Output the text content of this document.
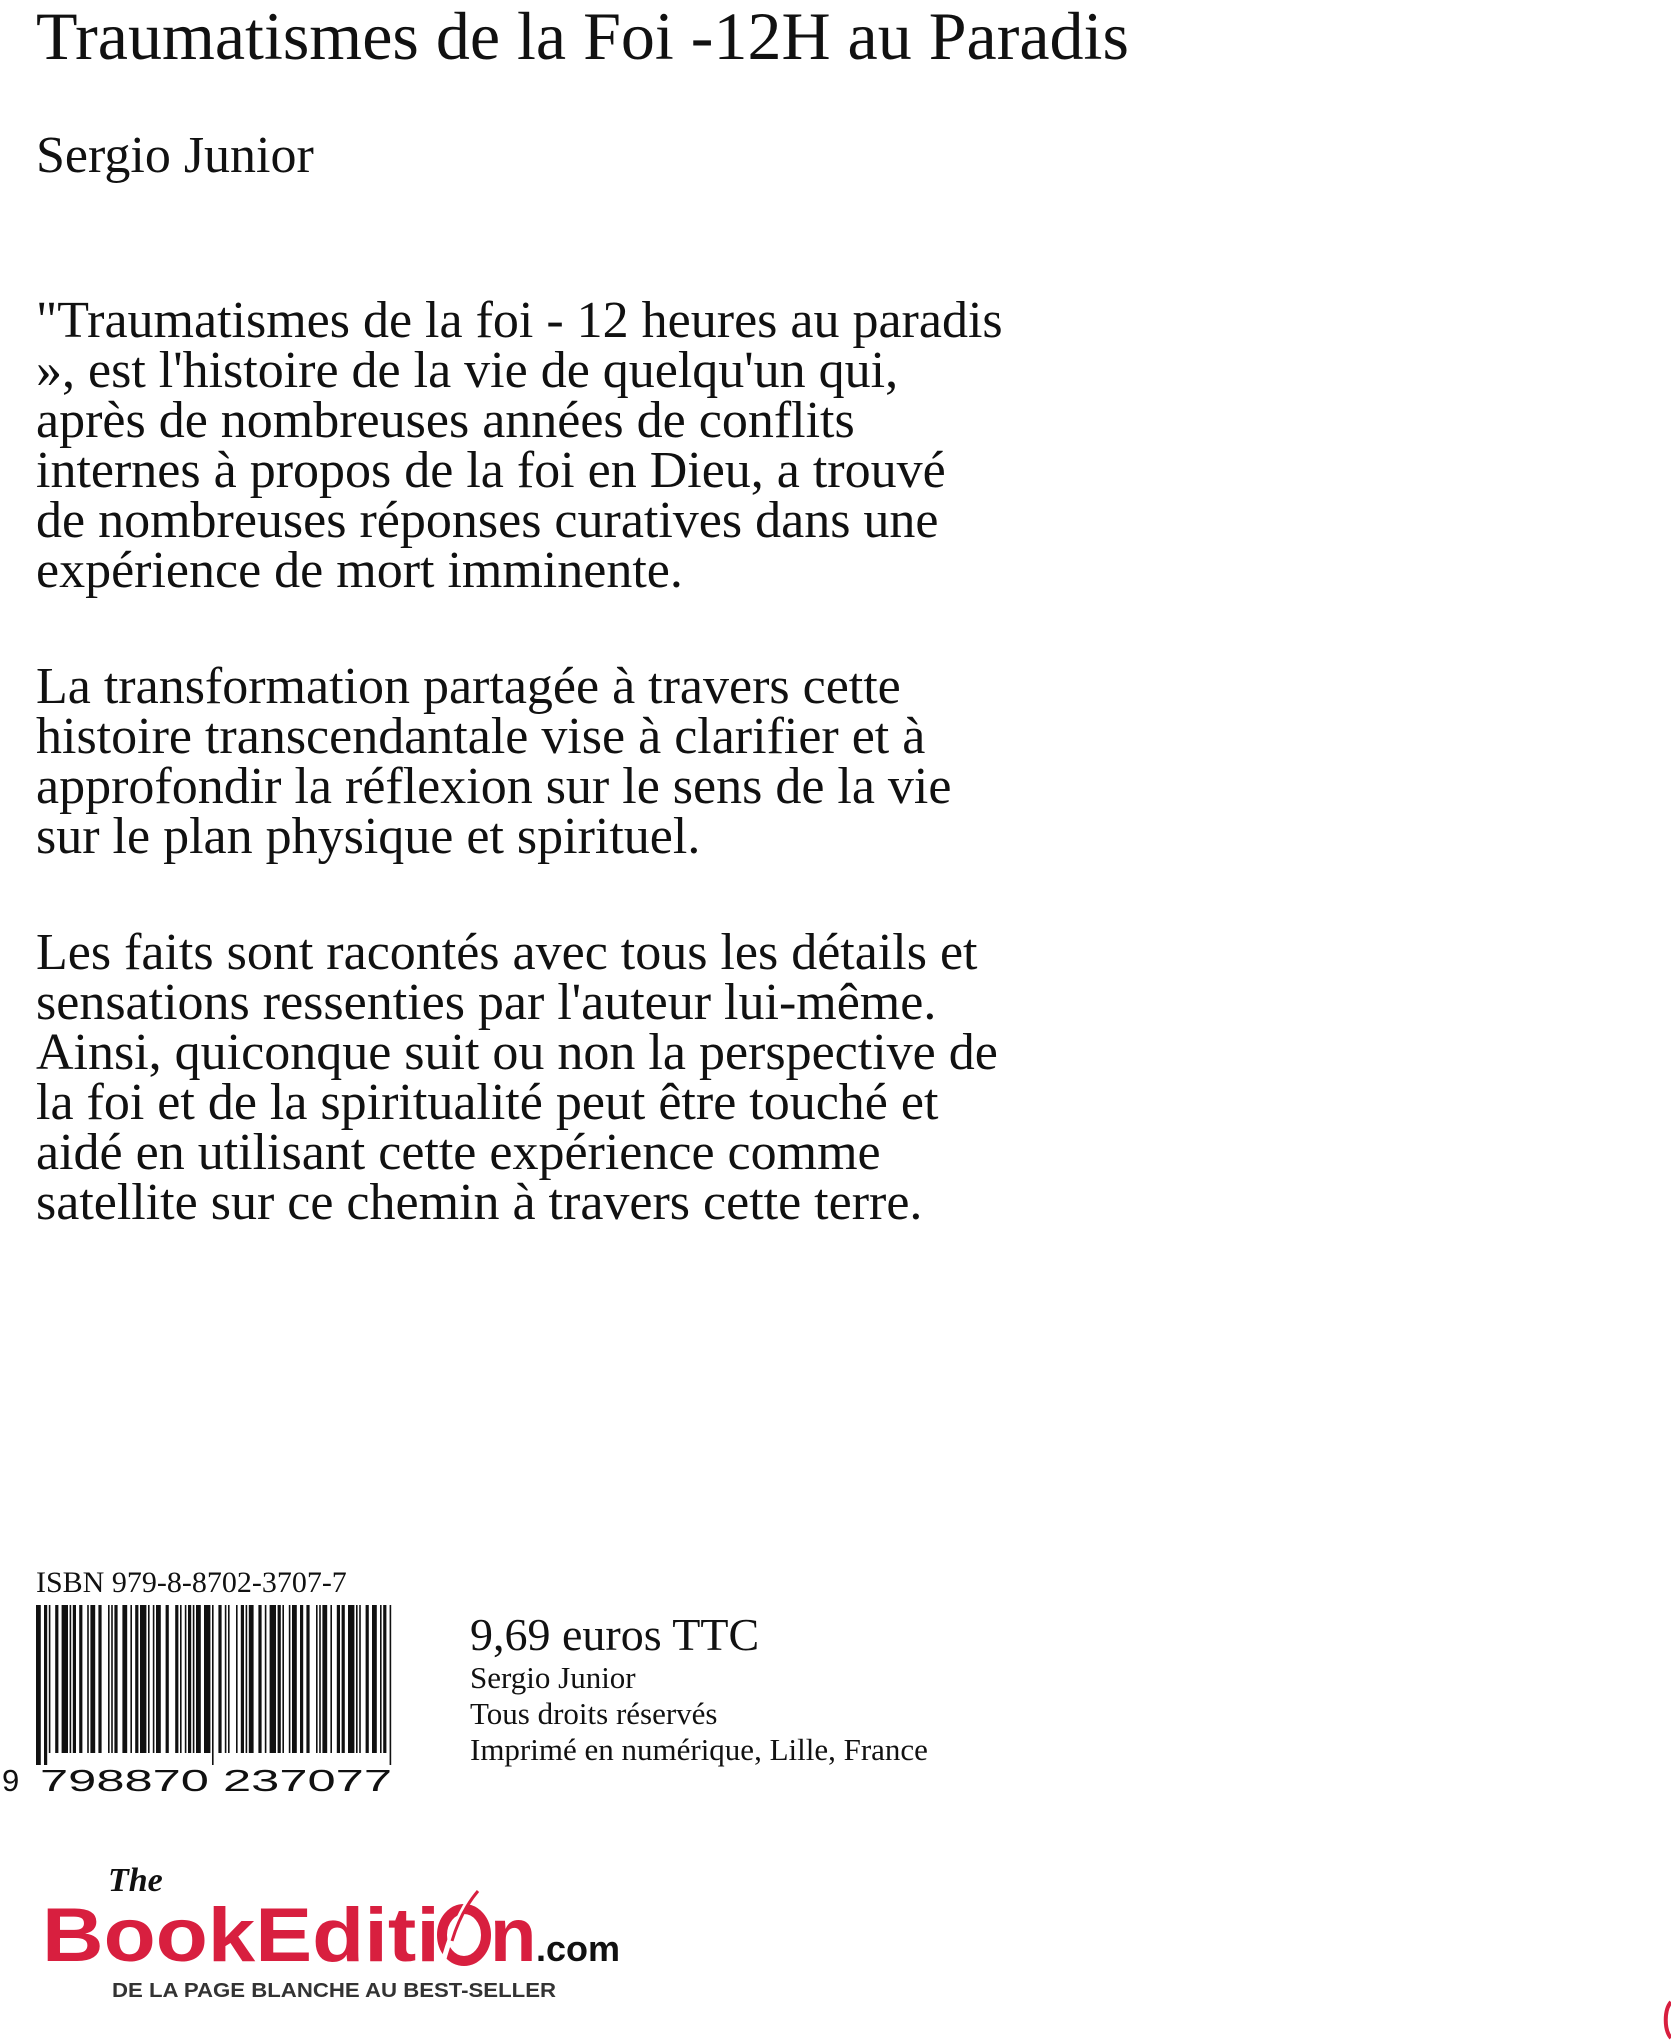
Traumatismes de la Foi -12H au Paradis
Sergio Junior
"Traumatismes de la foi - 12 heures au paradis
», est l'histoire de la vie de quelqu'un qui,
après de nombreuses années de conflits
internes à propos de la foi en Dieu, a trouvé
de nombreuses réponses curatives dans une
expérience de mort imminente.
La transformation partagée à travers cette
histoire transcendantale vise à clarifier et à
approfondir la réflexion sur le sens de la vie
sur le plan physique et spirituel.
Les faits sont racontés avec tous les détails et
sensations ressenties par l'auteur lui-même.
Ainsi, quiconque suit ou non la perspective de
la foi et de la spiritualité peut être touché et
aidé en utilisant cette expérience comme
satellite sur ce chemin à travers cette terre.
ISBN 979-8-8702-3707-7
9 798870 237077
9,69 euros TTC
Sergio Junior
Tous droits réservés
Imprimé en numérique, Lille, France
The
BookEditi n .com
DE LA PAGE BLANCHE AU BEST-SELLER
